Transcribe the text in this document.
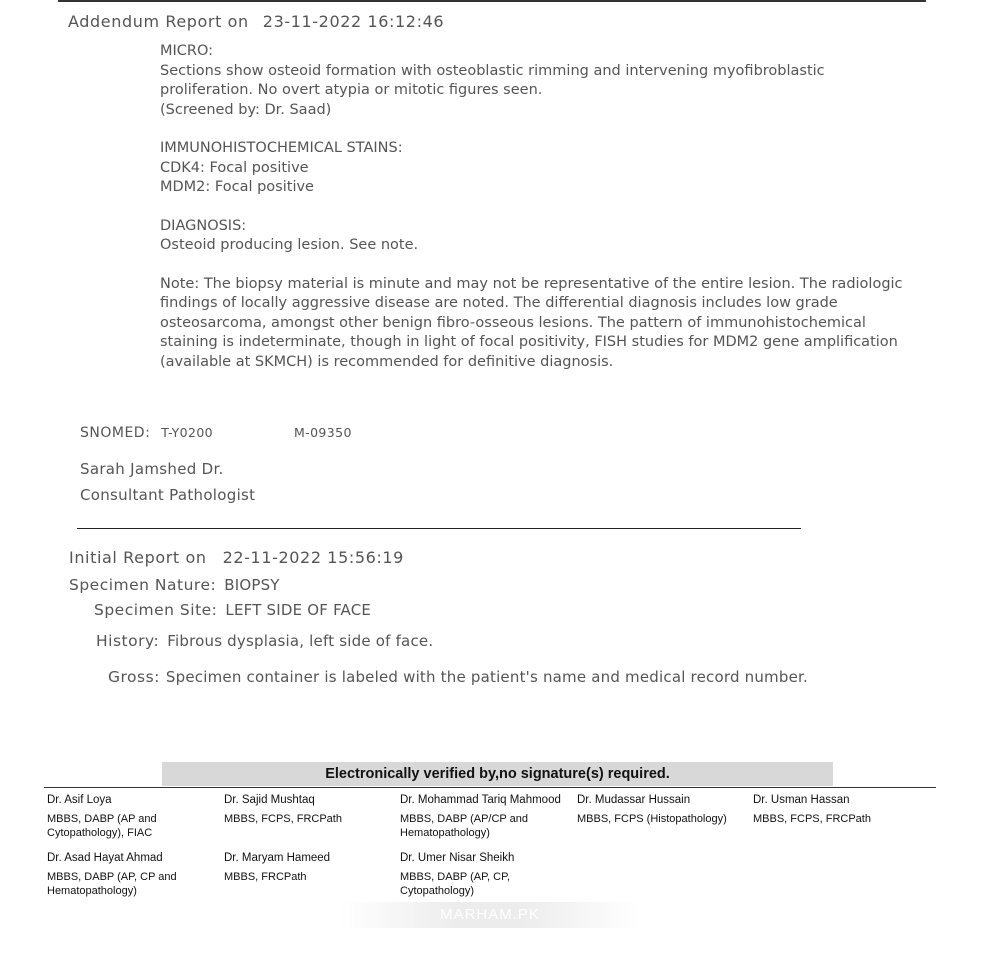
Addendum Report on 23-11-2022 16:12:46

MICRO:

Sections show osteoid formation with osteoblastic rimming and intervening myofibroblastic

proliferation. No overt atypia or mitotic figures seen.

(Screened by: Dr. Saad)

IMMUNOHISTOCHEMICAL STAINS:

CDK4: Focal positive

MDM2: Focal positive

DIAGNOSIS:

Osteoid producing lesion. See note.

Note: The biopsy material is minute and may not be representative of the entire lesion. The radiologic

findings of locally aggressive disease are noted. The differential diagnosis includes low grade

osteosarcoma, amongst other benign fibro-osseous lesions. The pattern of immunohistochemical

staining is indeterminate, though in light of focal positivity, FISH studies for MDM2 gene amplification

(available at SKMCH) is recommended for definitive diagnosis.

SNOMED: T-Y0200	M-09350
Sarah Jamshed Dr.
Consultant Pathologist
Initial Report on 22-11-2022 15:56:19
Specimen Nature: BIOPSY
Specimen Site: LEFT SIDE OF FACE
History: Fibrous dysplasia, left side of face.
Gross: Specimen container is labeled with the patient's name and medical record number.
Electronically verified by,no signature(s) required.
Dr. Asif Loya
MBBS, DABP (AP and Cytopathology), FIAC
Dr. Sajid Mushtaq
MBBS, FCPS, FRCPath
Dr. Mohammad Tariq Mahmood
MBBS, DABP (AP/CP and Hematopathology)
Dr. Mudassar Hussain
MBBS, FCPS (Histopathology)
Dr. Usman Hassan
MBBS, FCPS, FRCPath
Dr. Asad Hayat Ahmad
MBBS, DABP (AP, CP and Hematopathology)
Dr. Maryam Hameed
MBBS, FRCPath
Dr. Umer Nisar Sheikh
MBBS, DABP (AP, CP, Cytopathology)
MARHAM.PK
